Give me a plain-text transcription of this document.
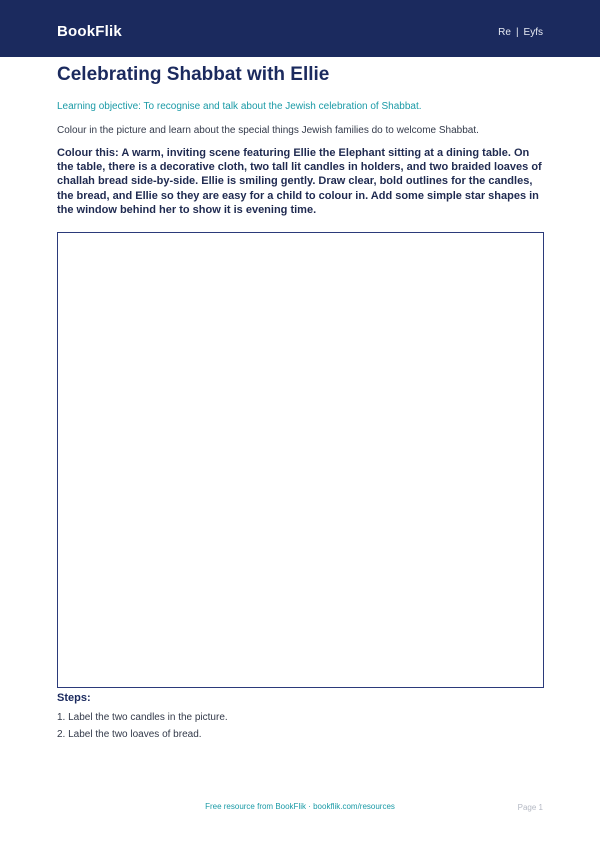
BookFlik	Re | Eyfs
Celebrating Shabbat with Ellie

Learning objective: To recognise and talk about the Jewish celebration of Shabbat.

Colour in the picture and learn about the special things Jewish families do to welcome Shabbat.

Colour this: A warm, inviting scene featuring Ellie the Elephant sitting at a dining table. On the table, there is a decorative cloth, two tall lit candles in holders, and two braided loaves of challah bread side-by-side. Ellie is smiling gently. Draw clear, bold outlines for the candles, the bread, and Ellie so they are easy for a child to colour in. Add some simple star shapes in the window behind her to show it is evening time.

Steps:
1. Label the two candles in the picture.
2. Label the two loaves of bread.
Free resource from BookFlik · bookflik.com/resources	Page 1
